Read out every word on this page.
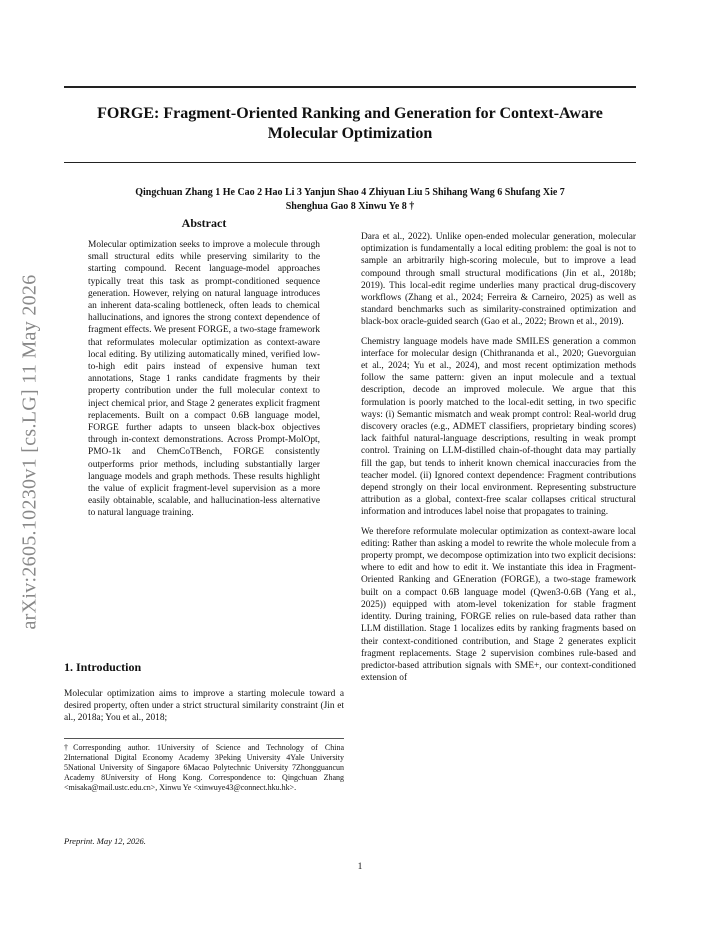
FORGE: Fragment-Oriented Ranking and Generation for Context-Aware Molecular Optimization
Qingchuan Zhang 1 He Cao 2 Hao Li 3 Yanjun Shao 4 Zhiyuan Liu 5 Shihang Wang 6 Shufang Xie 7
Shenghua Gao 8 Xinwu Ye 8 †
arXiv:2605.10230v1 [cs.LG] 11 May 2026
Abstract
Molecular optimization seeks to improve a molecule through small structural edits while preserving similarity to the starting compound. Recent language-model approaches typically treat this task as prompt-conditioned sequence generation. However, relying on natural language introduces an inherent data-scaling bottleneck, often leads to chemical hallucinations, and ignores the strong context dependence of fragment effects. We present FORGE, a two-stage framework that reformulates molecular optimization as context-aware local editing. By utilizing automatically mined, verified low-to-high edit pairs instead of expensive human text annotations, Stage 1 ranks candidate fragments by their property contribution under the full molecular context to inject chemical prior, and Stage 2 generates explicit fragment replacements. Built on a compact 0.6B language model, FORGE further adapts to unseen black-box objectives through in-context demonstrations. Across Prompt-MolOpt, PMO-1k and ChemCoTBench, FORGE consistently outperforms prior methods, including substantially larger language models and graph methods. These results highlight the value of explicit fragment-level supervision as a more easily obtainable, scalable, and hallucination-less alternative to natural language training.
1. Introduction
Molecular optimization aims to improve a starting molecule toward a desired property, often under a strict structural similarity constraint (Jin et al., 2018a; You et al., 2018;
†Corresponding author. 1University of Science and Technology of China 2International Digital Economy Academy 3Peking University 4Yale University 5National University of Singapore 6Macao Polytechnic University 7Zhongguancun Academy 8University of Hong Kong. Correspondence to: Qingchuan Zhang <misaka@mail.ustc.edu.cn>, Xinwu Ye <xinwuye43@connect.hku.hk>.
Preprint. May 12, 2026.

Dara et al., 2022). Unlike open-ended molecular generation, molecular optimization is fundamentally a local editing problem: the goal is not to sample an arbitrarily high-scoring molecule, but to improve a lead compound through small structural modifications (Jin et al., 2018b; 2019). This local-edit regime underlies many practical drug-discovery workflows (Zhang et al., 2024; Ferreira & Carneiro, 2025) as well as standard benchmarks such as similarity-constrained optimization and black-box oracle-guided search (Gao et al., 2022; Brown et al., 2019).

Chemistry language models have made SMILES generation a common interface for molecular design (Chithrananda et al., 2020; Guevorguian et al., 2024; Yu et al., 2024), and most recent optimization methods follow the same pattern: given an input molecule and a textual description, decode an improved molecule. We argue that this formulation is poorly matched to the local-edit setting, in two specific ways: (i) Semantic mismatch and weak prompt control: Real-world drug discovery oracles (e.g., ADMET classifiers, proprietary binding scores) lack faithful natural-language descriptions, resulting in weak prompt control. Training on LLM-distilled chain-of-thought data may partially fill the gap, but tends to inherit known chemical inaccuracies from the teacher model. (ii) Ignored context dependence: Fragment contributions depend strongly on their local environment. Representing substructure attribution as a global, context-free scalar collapses critical structural information and introduces label noise that propagates to training.

We therefore reformulate molecular optimization as context-aware local editing: Rather than asking a model to rewrite the whole molecule from a property prompt, we decompose optimization into two explicit decisions: where to edit and how to edit it. We instantiate this idea in Fragment-Oriented Ranking and GEneration (FORGE), a two-stage framework built on a compact 0.6B language model (Qwen3-0.6B (Yang et al., 2025)) equipped with atom-level tokenization for stable fragment identity. During training, FORGE relies on rule-based data rather than LLM distillation. Stage 1 localizes edits by ranking fragments based on their context-conditioned contribution, and Stage 2 generates explicit fragment replacements. Stage 2 supervision combines rule-based and predictor-based attribution signals with SME+, our context-conditioned extension of

1
